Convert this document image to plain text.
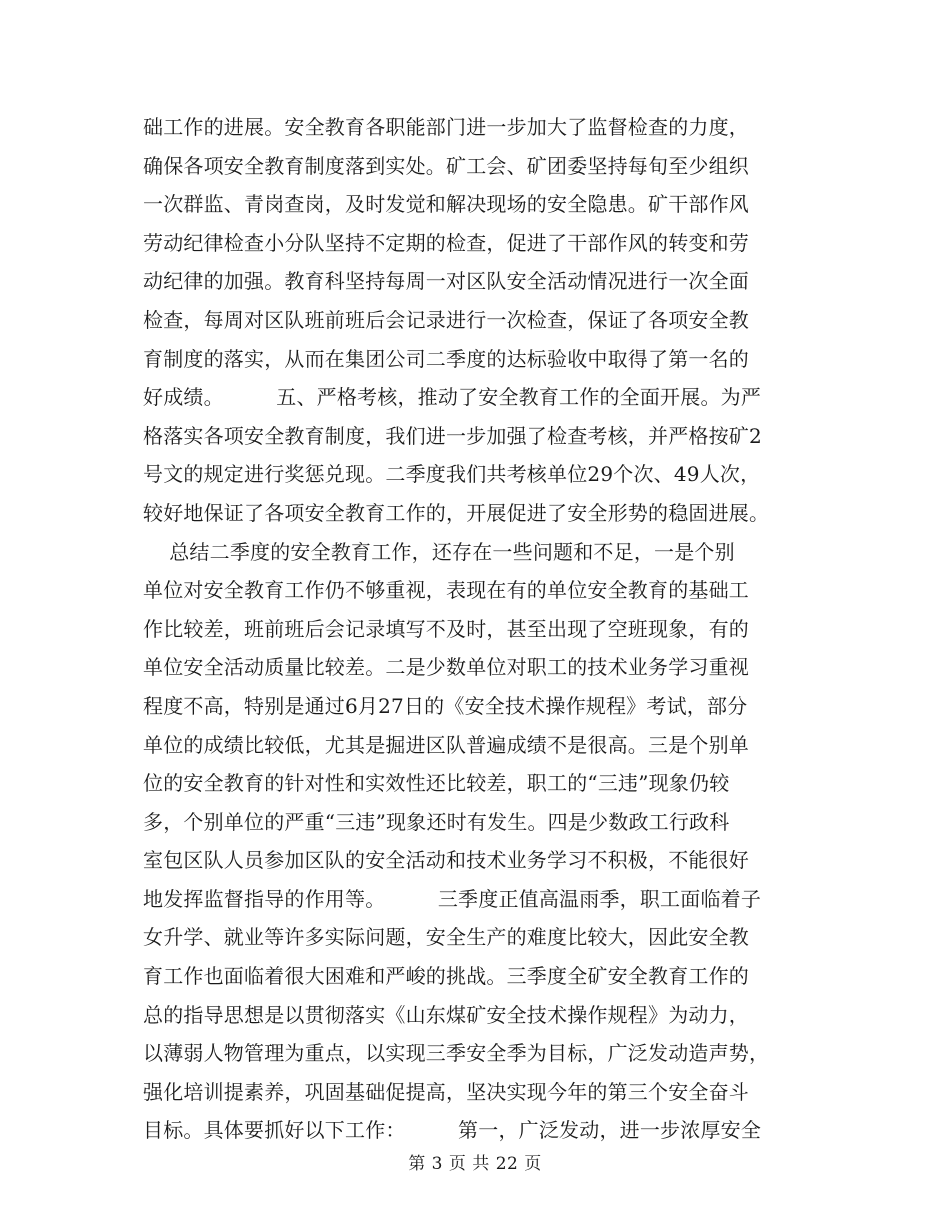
础工作的进展。安全教育各职能部门进一步加大了监督检查的力度，
确保各项安全教育制度落到实处。矿工会、矿团委坚持每旬至少组织
一次群监、青岗查岗，及时发觉和解决现场的安全隐患。矿干部作风
劳动纪律检查小分队坚持不定期的检查，促进了干部作风的转变和劳
动纪律的加强。教育科坚持每周一对区队安全活动情况进行一次全面
检查，每周对区队班前班后会记录进行一次检查，保证了各项安全教
育制度的落实，从而在集团公司二季度的达标验收中取得了第一名的
好成绩。        五、严格考核，推动了安全教育工作的全面开展。为严
格落实各项安全教育制度，我们进一步加强了检查考核，并严格按矿2
号文的规定进行奖惩兑现。二季度我们共考核单位29个次、49人次，
较好地保证了各项安全教育工作的，开展促进了安全形势的稳固进展。
总结二季度的安全教育工作，还存在一些问题和不足，一是个别
单位对安全教育工作仍不够重视，表现在有的单位安全教育的基础工
作比较差，班前班后会记录填写不及时，甚至出现了空班现象，有的
单位安全活动质量比较差。二是少数单位对职工的技术业务学习重视
程度不高，特别是通过6月27日的《安全技术操作规程》考试，部分
单位的成绩比较低，尤其是掘进区队普遍成绩不是很高。三是个别单
位的安全教育的针对性和实效性还比较差，职工的“三违”现象仍较
多，个别单位的严重“三违”现象还时有发生。四是少数政工行政科
室包区队人员参加区队的安全活动和技术业务学习不积极，不能很好
地发挥监督指导的作用等。        三季度正值高温雨季，职工面临着子
女升学、就业等许多实际问题，安全生产的难度比较大，因此安全教
育工作也面临着很大困难和严峻的挑战。三季度全矿安全教育工作的
总的指导思想是以贯彻落实《山东煤矿安全技术操作规程》为动力，
以薄弱人物管理为重点，以实现三季安全季为目标，广泛发动造声势，
强化培训提素养，巩固基础促提高，坚决实现今年的第三个安全奋斗
目标。具体要抓好以下工作：        第一，广泛发动，进一步浓厚安全
第 3 页 共 22 页
